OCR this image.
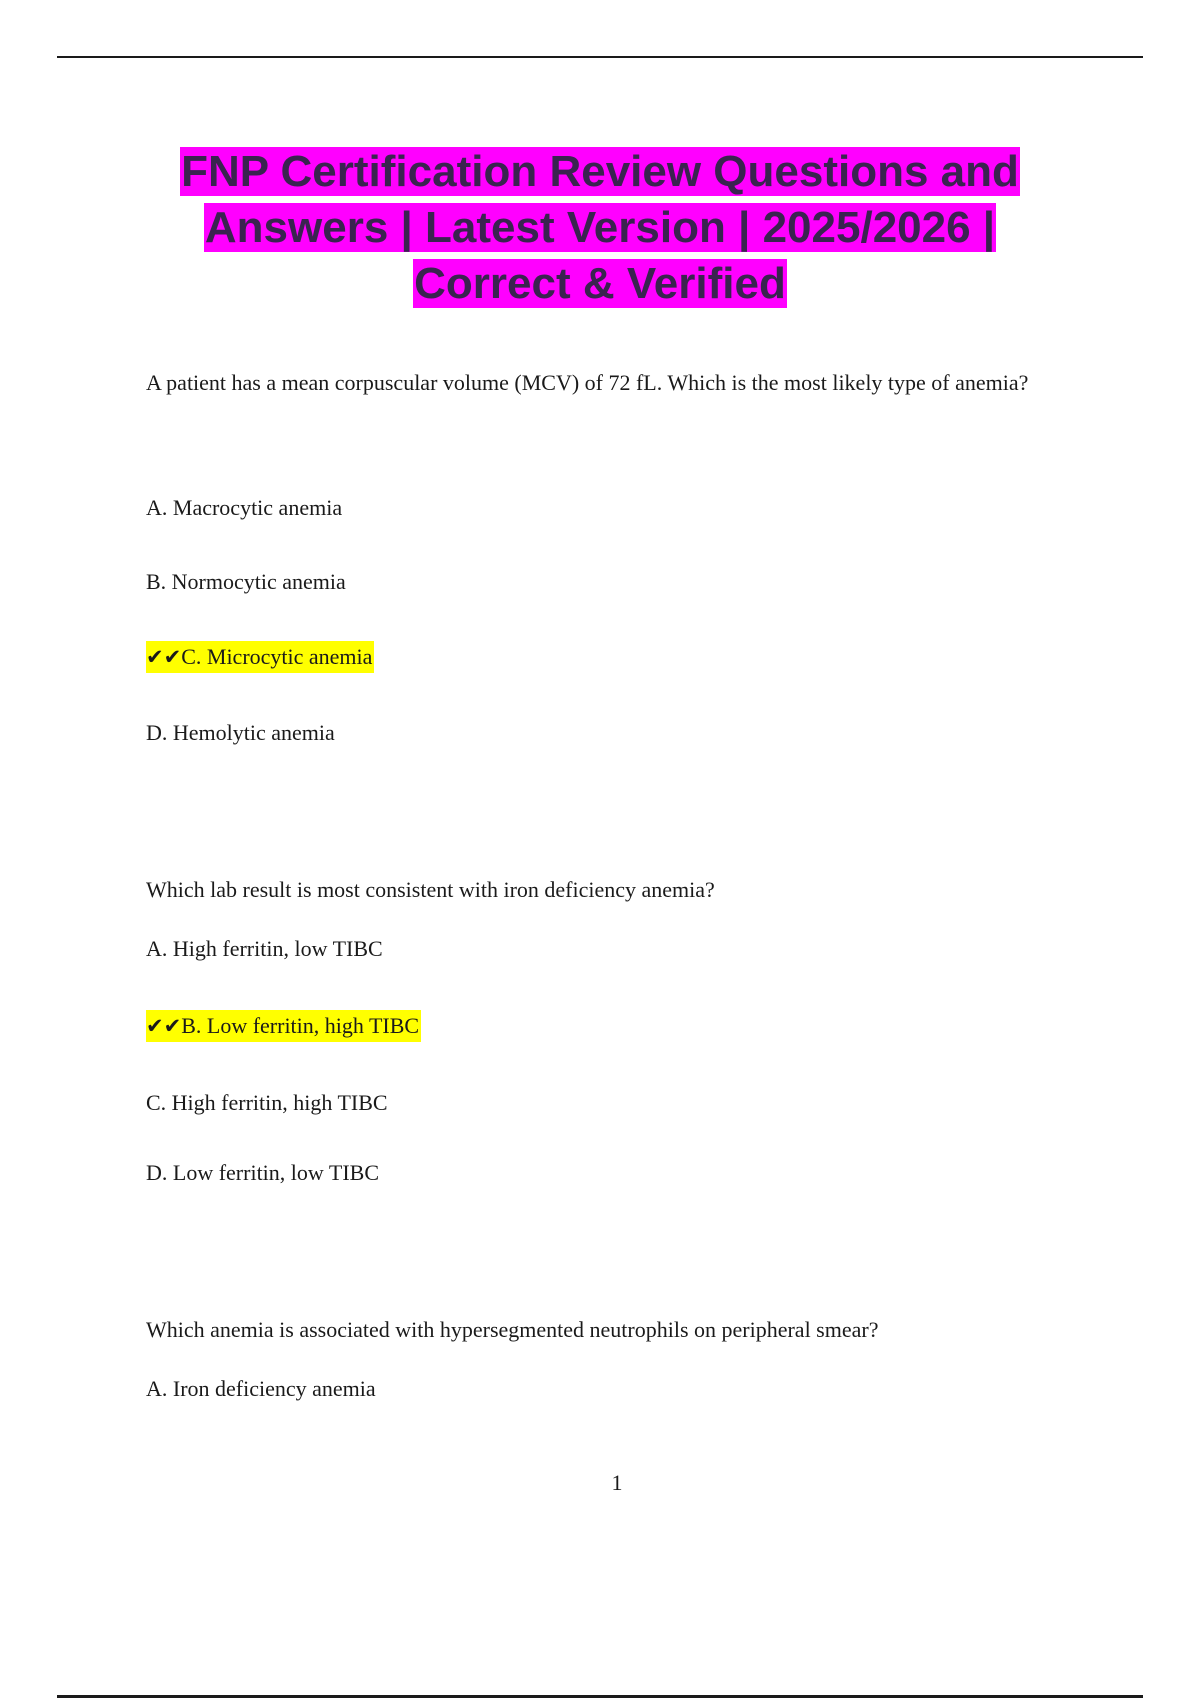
FNP Certification Review Questions and
Answers | Latest Version | 2025/2026 |
Correct & Verified

A patient has a mean corpuscular volume (MCV) of 72 fL. Which is the most likely type of anemia?

A. Macrocytic anemia

B. Normocytic anemia

✔✔C. Microcytic anemia

D. Hemolytic anemia

Which lab result is most consistent with iron deficiency anemia?

A. High ferritin, low TIBC

✔✔B. Low ferritin, high TIBC

C. High ferritin, high TIBC

D. Low ferritin, low TIBC

Which anemia is associated with hypersegmented neutrophils on peripheral smear?

A. Iron deficiency anemia

1
